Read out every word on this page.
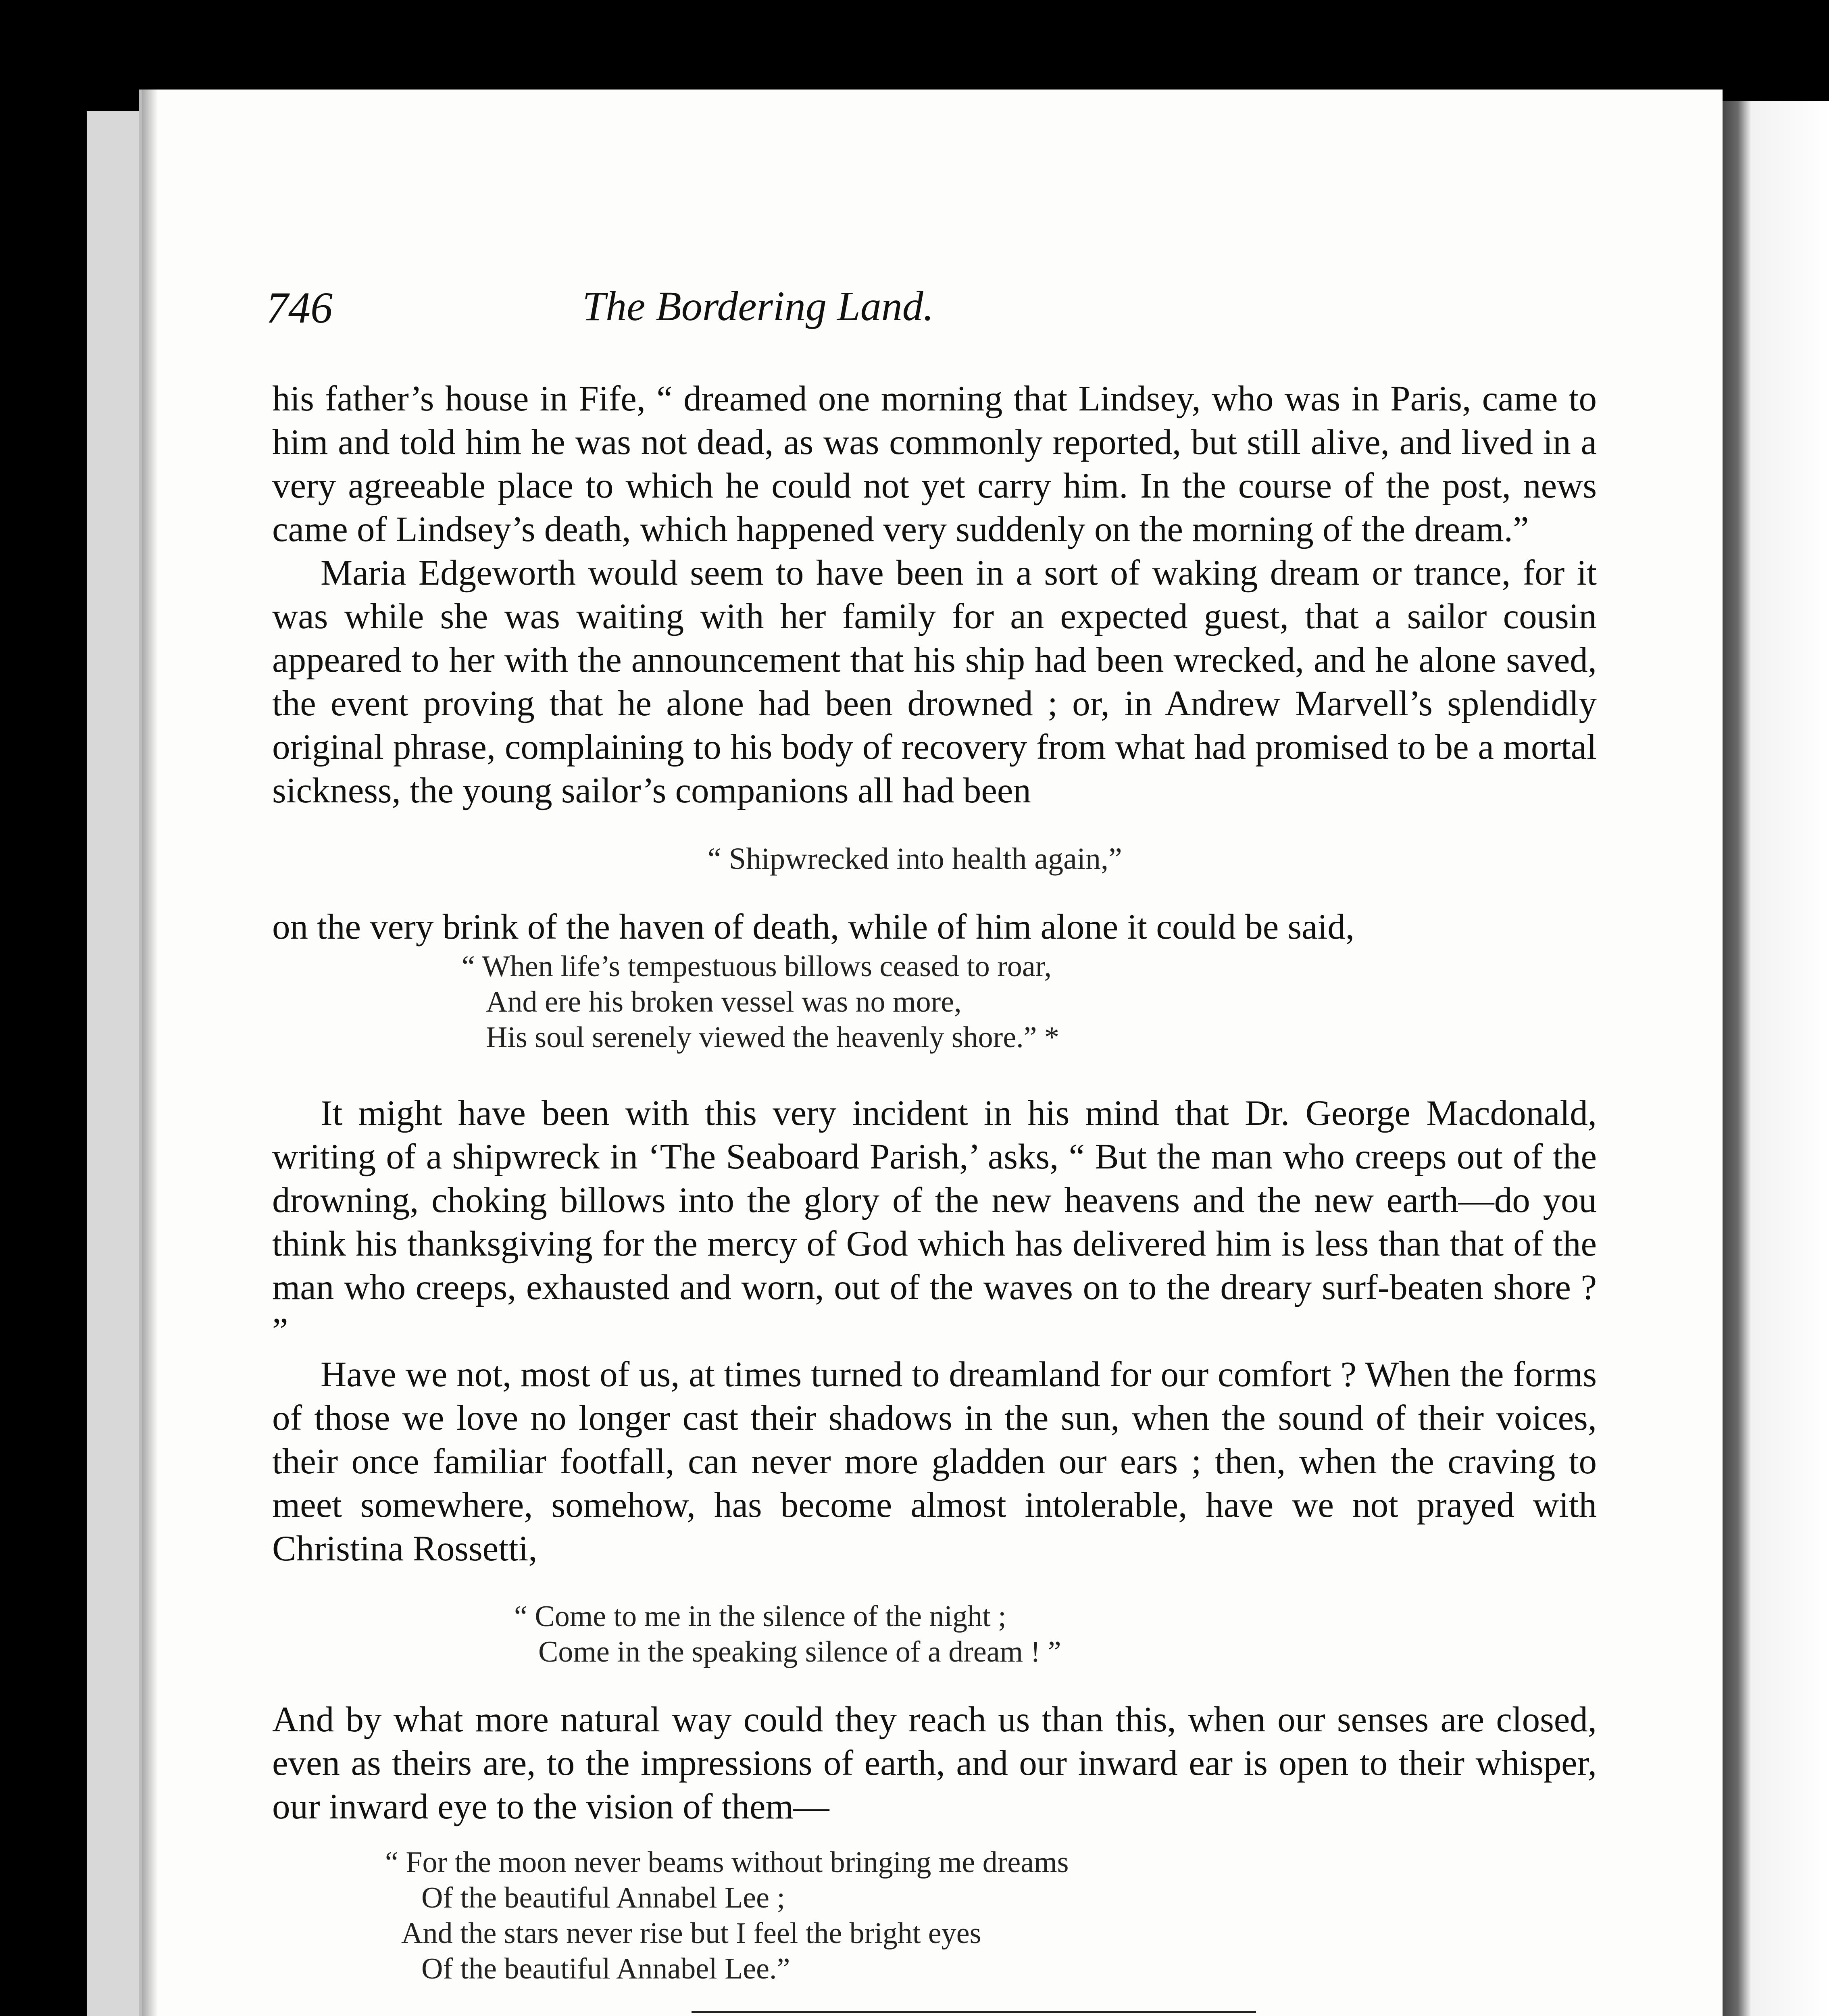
746	The Bordering Land.

his father’s house in Fife, “ dreamed one morning that Lindsey, who was in Paris, came to him and told him he was not dead, as was commonly reported, but still alive, and lived in a very agreeable place to which he could not yet carry him. In the course of the post, news came of Lindsey’s death, which happened very suddenly on the morning of the dream.”

Maria Edgeworth would seem to have been in a sort of waking dream or trance, for it was while she was waiting with her family for an expected guest, that a sailor cousin appeared to her with the announcement that his ship had been wrecked, and he alone saved, the event proving that he alone had been drowned ; or, in Andrew Marvell’s splendidly original phrase, complaining to his body of recovery from what had promised to be a mortal sickness, the young sailor’s companions all had been

“ Shipwrecked into health again,”

on the very brink of the haven of death, while of him alone it could be said,

“ When life’s tempestuous billows ceased to roar,
And ere his broken vessel was no more,
His soul serenely viewed the heavenly shore.” *

It might have been with this very incident in his mind that Dr. George Macdonald, writing of a shipwreck in ‘The Seaboard Parish,’ asks, “ But the man who creeps out of the drowning, choking billows into the glory of the new heavens and the new earth—do you think his thanksgiving for the mercy of God which has delivered him is less than that of the man who creeps, exhausted and worn, out of the waves on to the dreary surf-beaten shore ? ”

Have we not, most of us, at times turned to dreamland for our comfort ? When the forms of those we love no longer cast their shadows in the sun, when the sound of their voices, their once familiar footfall, can never more gladden our ears ; then, when the craving to meet somewhere, somehow, has become almost intolerable, have we not prayed with Christina Rossetti,

“ Come to me in the silence of the night ;
Come in the speaking silence of a dream ! ”

And by what more natural way could they reach us than this, when our senses are closed, even as theirs are, to the impressions of earth, and our inward ear is open to their whisper, our inward eye to the vision of them—

“ For the moon never beams without bringing me dreams
Of the beautiful Annabel Lee ;
And the stars never rise but I feel the bright eyes
Of the beautiful Annabel Lee.”
